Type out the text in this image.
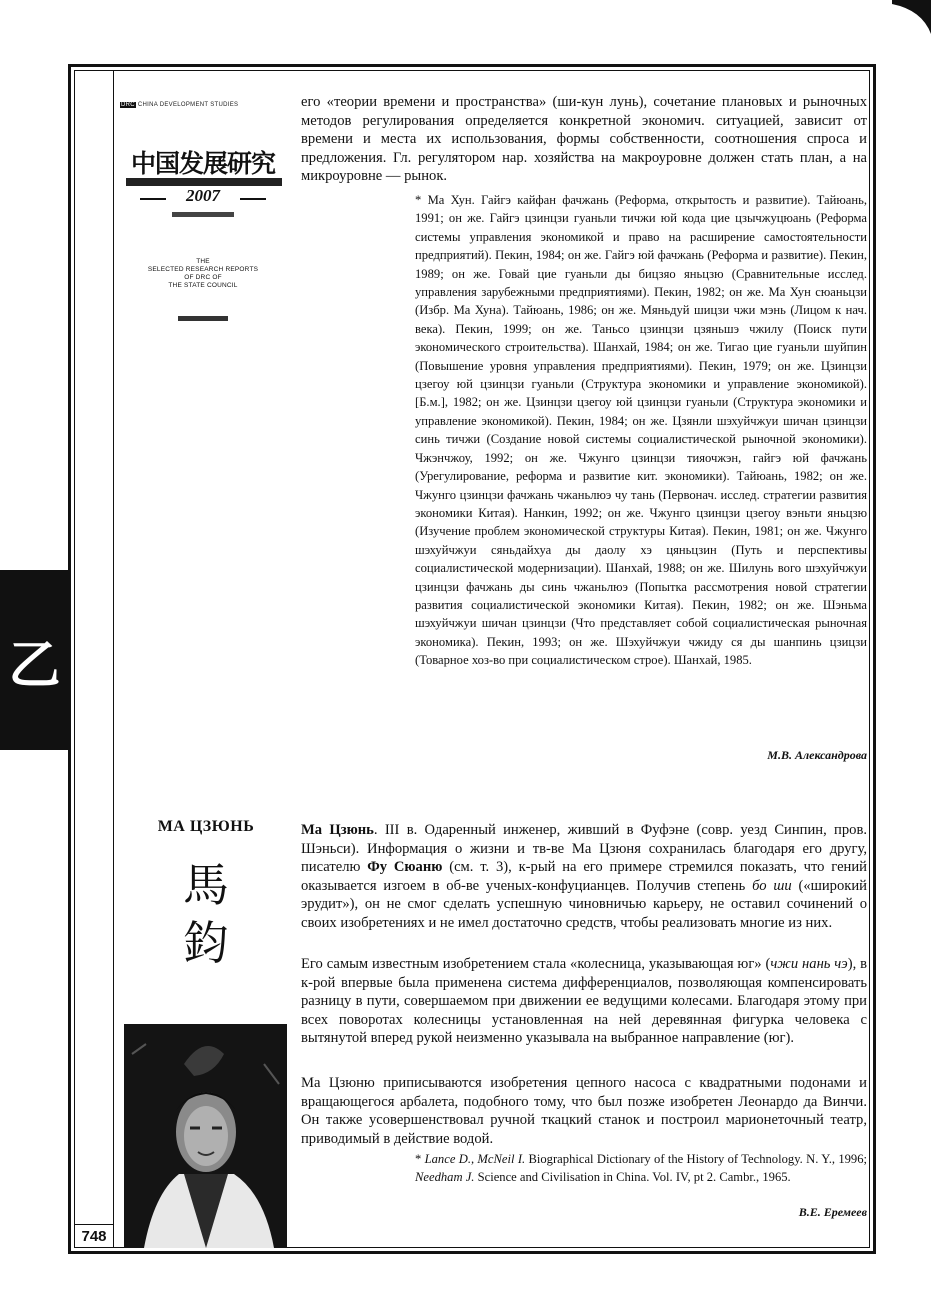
乙
748
DRC CHINA DEVELOPMENT STUDIES
中国发展研究
2007
THE
SELECTED RESEARCH REPORTS
OF DRC OF
THE STATE COUNCIL

его «теории времени и пространства» (ши-кун лунь), сочетание плановых и рыночных методов регулирования определяется конкретной экономич. ситуацией, зависит от времени и места их использования, формы собственности, соотношения спроса и предложения. Гл. регулятором нар. хозяйства на макроуровне должен стать план, а на микроуровне — рынок.

* Ма Хун. Гайгэ кайфан фачжань (Реформа, открытость и развитие). Тайюань, 1991; он же. Гайгэ цзинцзи гуаньли тичжи юй кода цие цзычжуцюань (Реформа системы управления экономикой и право на расширение самостоятельности предприятий). Пекин, 1984; он же. Гайгэ юй фачжань (Реформа и развитие). Пекин, 1989; он же. Говай цие гуаньли ды бицзяо яньцзю (Сравнительные исслед. управления зарубежными предприятиями). Пекин, 1982; он же. Ма Хун сюаньцзи (Избр. Ма Хуна). Тайюань, 1986; он же. Мяньдуй шицзи чжи мэнь (Лицом к нач. века). Пекин, 1999; он же. Таньсо цзинцзи цзяньшэ чжилу (Поиск пути экономического строительства). Шанхай, 1984; он же. Тигао цие гуаньли шуйпин (Повышение уровня управления предприятиями). Пекин, 1979; он же. Цзинцзи цзегоу юй цзинцзи гуаньли (Структура экономики и управление экономикой). [Б.м.], 1982; он же. Цзинцзи цзегоу юй цзинцзи гуаньли (Структура экономики и управление экономикой). Пекин, 1984; он же. Цзянли шэхуйчжуи шичан цзинцзи синь тичжи (Создание новой системы социалистической рыночной экономики). Чжэнчжоу, 1992; он же. Чжунго цзинцзи тияочжэн, гайгэ юй фачжань (Урегулирование, реформа и развитие кит. экономики). Тайюань, 1982; он же. Чжунго цзинцзи фачжань чжаньлюэ чу тань (Первонач. исслед. стратегии развития экономики Китая). Нанкин, 1992; он же. Чжунго цзинцзи цзегоу вэньти яньцзю (Изучение проблем экономической структуры Китая). Пекин, 1981; он же. Чжунго шэхуйчжуи сяньдайхуа ды даолу хэ цяньцзин (Путь и перспективы социалистической модернизации). Шанхай, 1988; он же. Шилунь вого шэхуйчжуи цзинцзи фачжань ды синь чжаньлюэ (Попытка рассмотрения новой стратегии развития социалистической экономики Китая). Пекин, 1982; он же. Шэньма шэхуйчжуи шичан цзинцзи (Что представляет собой социалистическая рыночная экономика). Пекин, 1993; он же. Шэхуйчжуи чжиду ся ды шанпинь цзицзи (Товарное хоз-во при социалистическом строе). Шанхай, 1985.

М.В. Александрова
МА ЦЗЮНЬ
馬
鈞

Ма Цзюнь. III в. Одаренный инженер, живший в Фуфэне (совр. уезд Синпин, пров. Шэньси). Информация о жизни и тв-ве Ма Цзюня сохранилась благодаря его другу, писателю Фу Сюаню (см. т. 3), к-рый на его примере стремился показать, что гений оказывается изгоем в об-ве ученых-конфуцианцев. Получив степень бо ши («широкий эрудит»), он не смог сделать успешную чиновничью карьеру, не оставил сочинений о своих изобретениях и не имел достаточно средств, чтобы реализовать многие из них.

Его самым известным изобретением стала «колесница, указывающая юг» (чжи нань чэ), в к-рой впервые была применена система дифференциалов, позволяющая компенсировать разницу в пути, совершаемом при движении ее ведущими колесами. Благодаря этому при всех поворотах колесницы установленная на ней деревянная фигурка человека с вытянутой вперед рукой неизменно указывала на выбранное направление (юг).

Ма Цзюню приписываются изобретения цепного насоса с квадратными подонами и вращающегося арбалета, подобного тому, что был позже изобретен Леонардо да Винчи. Он также усовершенствовал ручной ткацкий станок и построил марионеточный театр, приводимый в действие водой.

* Lance D., McNeil I. Biographical Dictionary of the History of Technology. N. Y., 1996; Needham J. Science and Civilisation in China. Vol. IV, pt 2. Cambr., 1965.

В.Е. Еремеев
